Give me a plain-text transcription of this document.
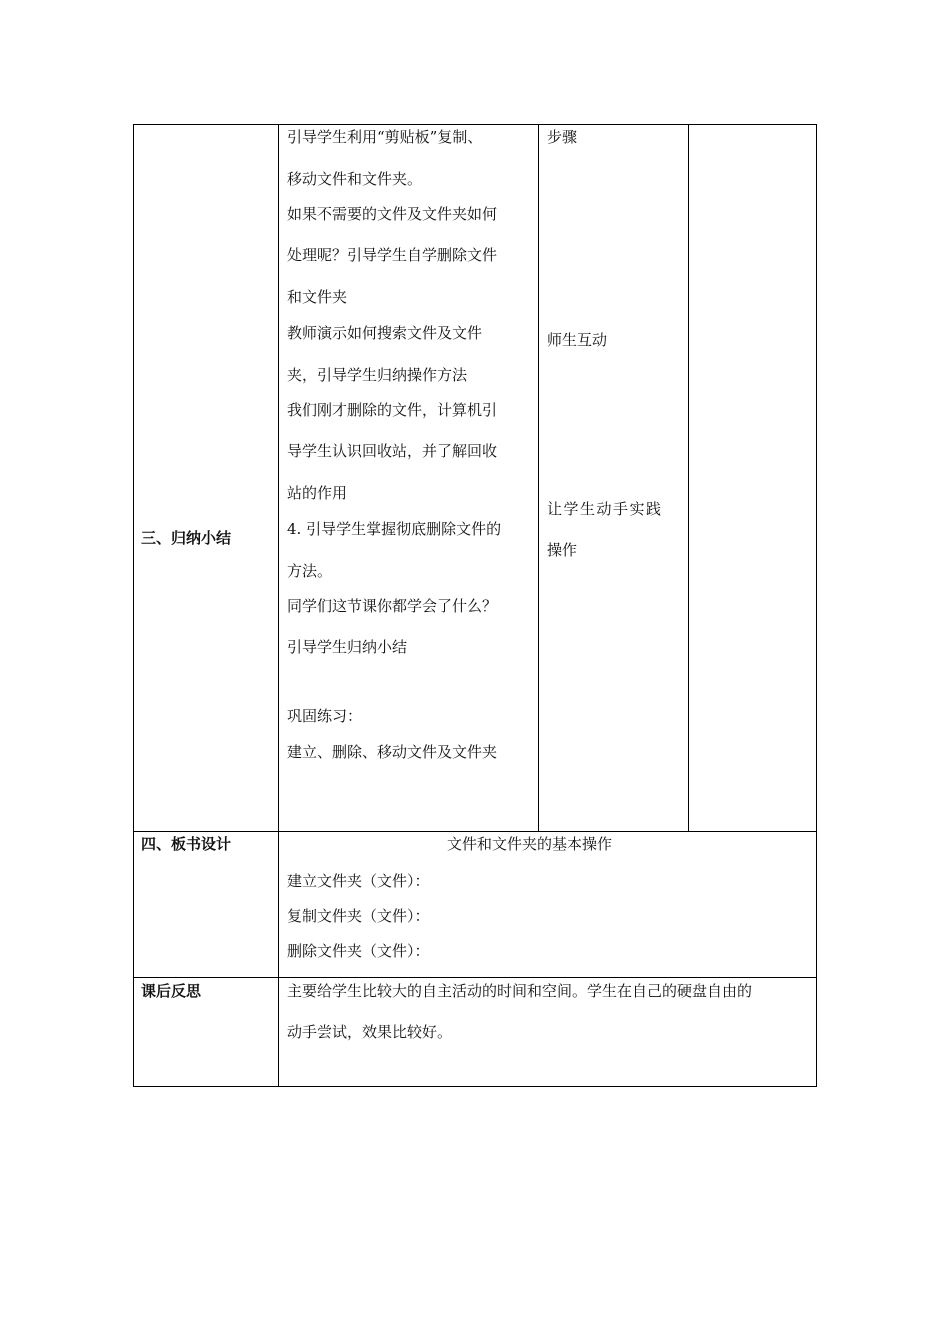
三、归纳小结
引导学生利用“剪贴板”复制、
移动文件和文件夹。
如果不需要的文件及文件夹如何
处理呢？引导学生自学删除文件
和文件夹
教师演示如何搜索文件及文件
夹，引导学生归纳操作方法
我们刚才删除的文件，计算机引
导学生认识回收站，并了解回收
站的作用
4. 引导学生掌握彻底删除文件的
方法。
同学们这节课你都学会了什么？
引导学生归纳小结
巩固练习：
建立、删除、移动文件及文件夹
步骤
师生互动
让学生动手实践
操作
四、板书设计	文件和文件夹的基本操作
建立文件夹（文件）：
复制文件夹（文件）：
删除文件夹（文件）：
课后反思	主要给学生比较大的自主活动的时间和空间。学生在自己的硬盘自由的
动手尝试，效果比较好。
